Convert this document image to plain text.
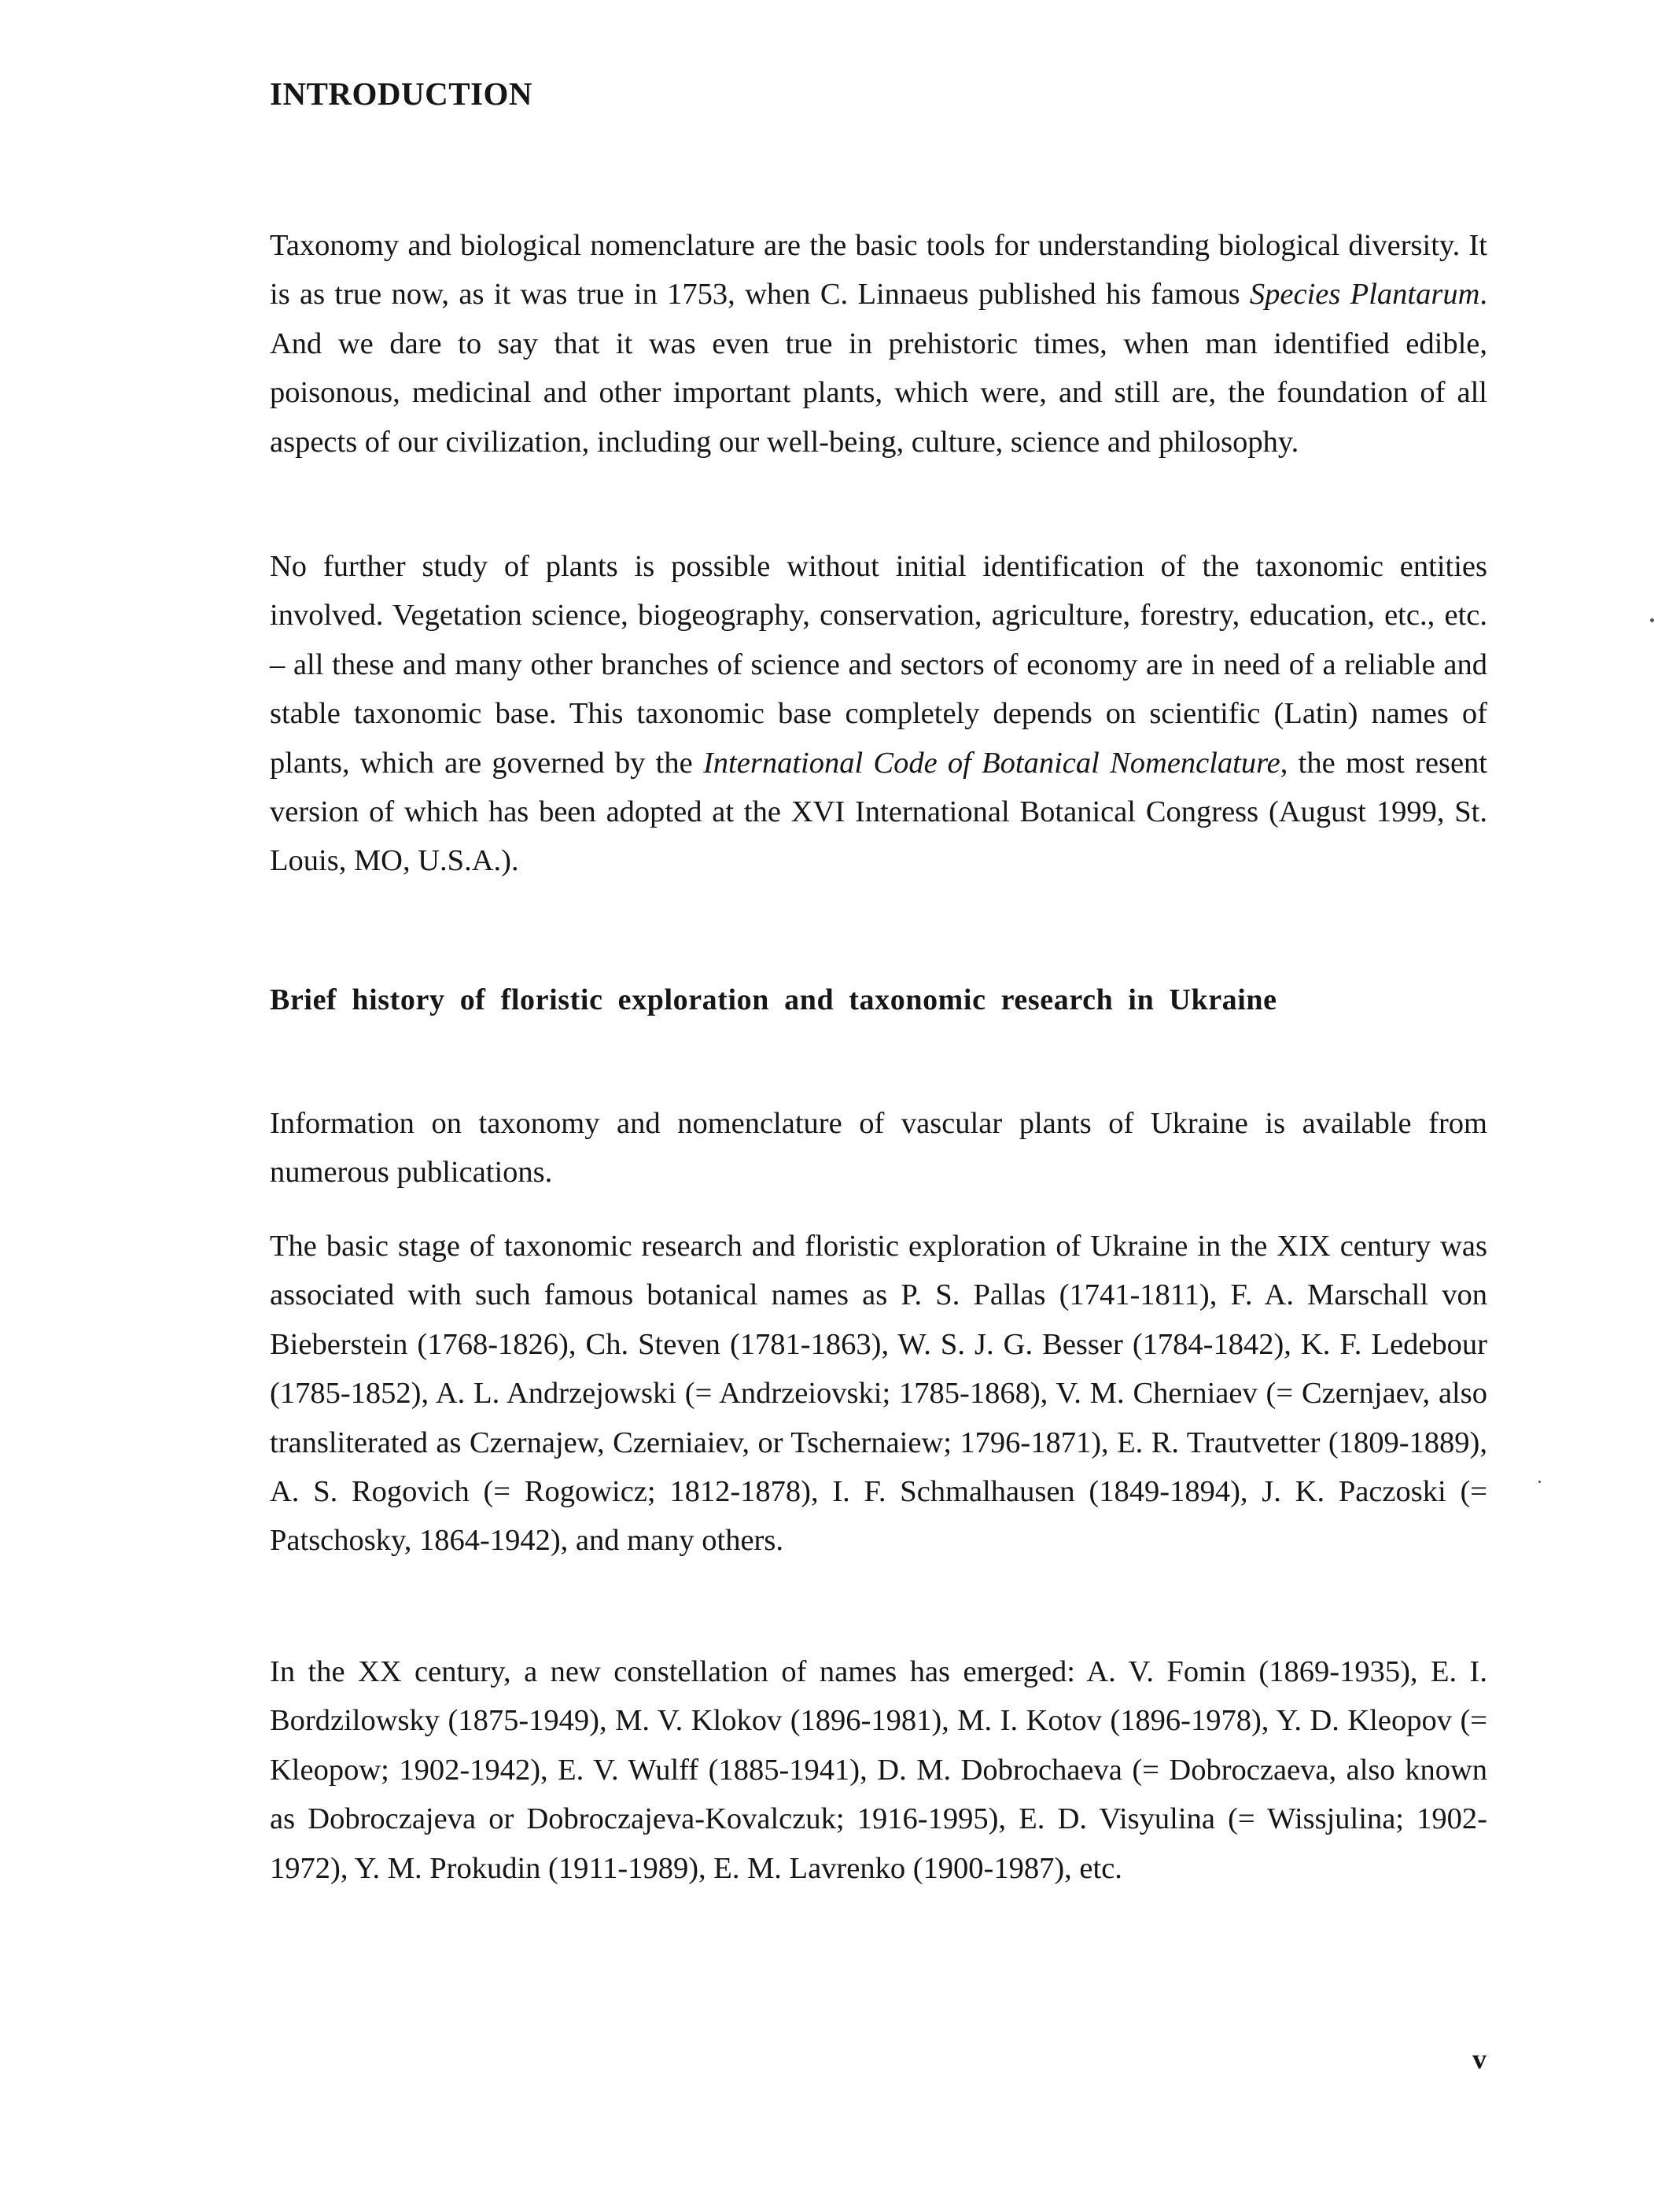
INTRODUCTION

Taxonomy and biological nomenclature are the basic tools for understanding biological diversity. It is as true now, as it was true in 1753, when C. Linnaeus published his famous Species Plantarum. And we dare to say that it was even true in prehistoric times, when man identified edible, poisonous, medicinal and other important plants, which were, and still are, the foundation of all aspects of our civilization, including our well-being, culture, science and philosophy.

No further study of plants is possible without initial identification of the taxonomic entities involved. Vegetation science, biogeography, conservation, agriculture, forestry, education, etc., etc. – all these and many other branches of science and sectors of economy are in need of a reliable and stable taxonomic base. This taxonomic base completely depends on scientific (Latin) names of plants, which are governed by the International Code of Botanical Nomenclature, the most resent version of which has been adopted at the XVI International Botanical Congress (August 1999, St. Louis, MO, U.S.A.).

Brief history of floristic exploration and taxonomic research in Ukraine

Information on taxonomy and nomenclature of vascular plants of Ukraine is available from numerous publications.

The basic stage of taxonomic research and floristic exploration of Ukraine in the XIX century was associated with such famous botanical names as P. S. Pallas (1741-1811), F. A. Marschall von Bieberstein (1768-1826), Ch. Steven (1781-1863), W. S. J. G. Besser (1784-1842), K. F. Ledebour (1785-1852), A. L. Andrzejowski (= Andrzeiovski; 1785-1868), V. M. Cherniaev (= Czernjaev, also transliterated as Czernajew, Czerniaiev, or Tschernaiew; 1796-1871), E. R. Trautvetter (1809-1889), A. S. Rogovich (= Rogowicz; 1812-1878), I. F. Schmalhausen (1849-1894), J. K. Paczoski (= Patschosky, 1864-1942), and many others.

In the XX century, a new constellation of names has emerged: A. V. Fomin (1869-1935), E. I. Bordzilowsky (1875-1949), M. V. Klokov (1896-1981), M. I. Kotov (1896-1978), Y. D. Kleopov (= Kleopow; 1902-1942), E. V. Wulff (1885-1941), D. M. Dobrochaeva (= Dobroczaeva, also known as Dobroczajeva or Dobroczajeva-Kovalczuk; 1916-1995), E. D. Visyulina (= Wissjulina; 1902-1972), Y. M. Prokudin (1911-1989), E. M. Lavrenko (1900-1987), etc.

v
